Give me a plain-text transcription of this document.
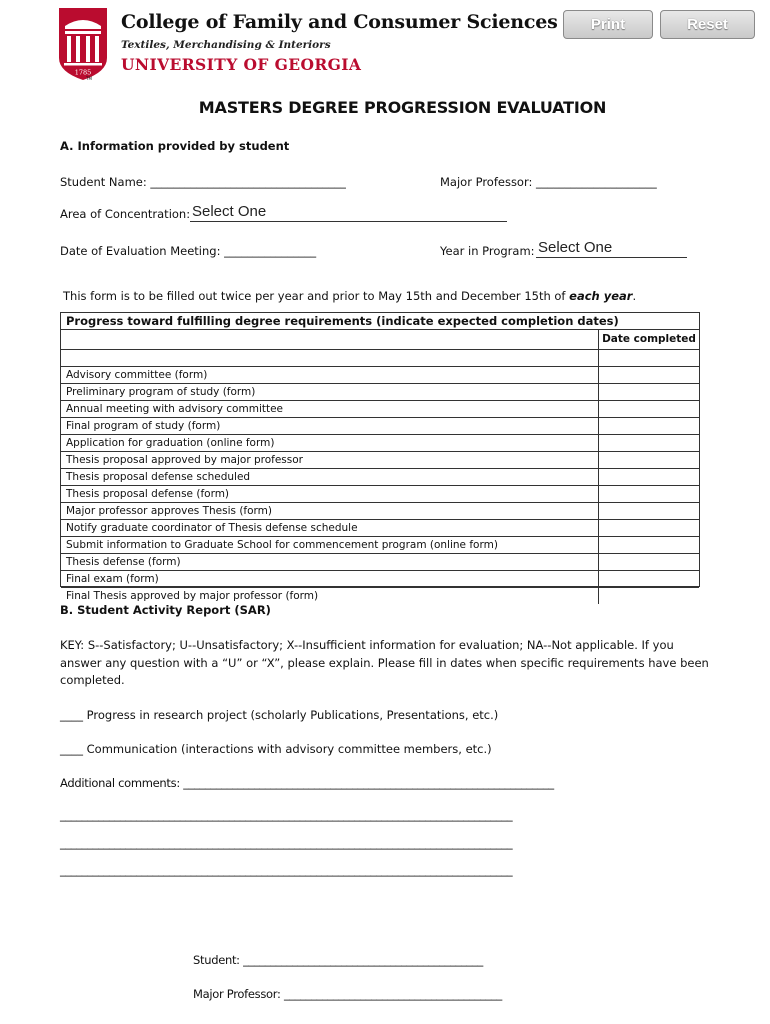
1785
TM
College of Family and Consumer Sciences
Textiles, Merchandising & Interiors
UNIVERSITY OF GEORGIA
Print	Reset
MASTERS DEGREE PROGRESSION EVALUATION
A. Information provided by student
Student Name: __________________________________	Major Professor: _____________________
Area of Concentration: Select One
Date of Evaluation Meeting: ________________	Year in Program: Select One
This form is to be filled out twice per year and prior to May 15th and December 15th of each year.
Progress toward fulfilling degree requirements (indicate expected completion dates)
Date completed
Advisory committee (form)
Preliminary program of study (form)
Annual meeting with advisory committee
Final program of study (form)
Application for graduation (online form)
Thesis proposal approved by major professor
Thesis proposal defense scheduled
Thesis proposal defense (form)
Major professor approves Thesis (form)
Notify graduate coordinator of Thesis defense schedule
Submit information to Graduate School for commencement program (online form)
Thesis defense (form)
Final exam (form)
Final Thesis approved by major professor (form)
B. Student Activity Report (SAR)
KEY: S--Satisfactory; U--Unsatisfactory; X--Insufficient information for evaluation; NA--Not applicable. If you answer any question with a “U” or “X”, please explain. Please fill in dates when specific requirements have been completed.
____ Progress in research project (scholarly Publications, Presentations, etc.)
____ Communication (interactions with advisory committee members, etc.)
Additional comments: ____________________________________________________________________
___________________________________________________________________________________
___________________________________________________________________________________
___________________________________________________________________________________
Student: ____________________________________________
Major Professor: ________________________________________
